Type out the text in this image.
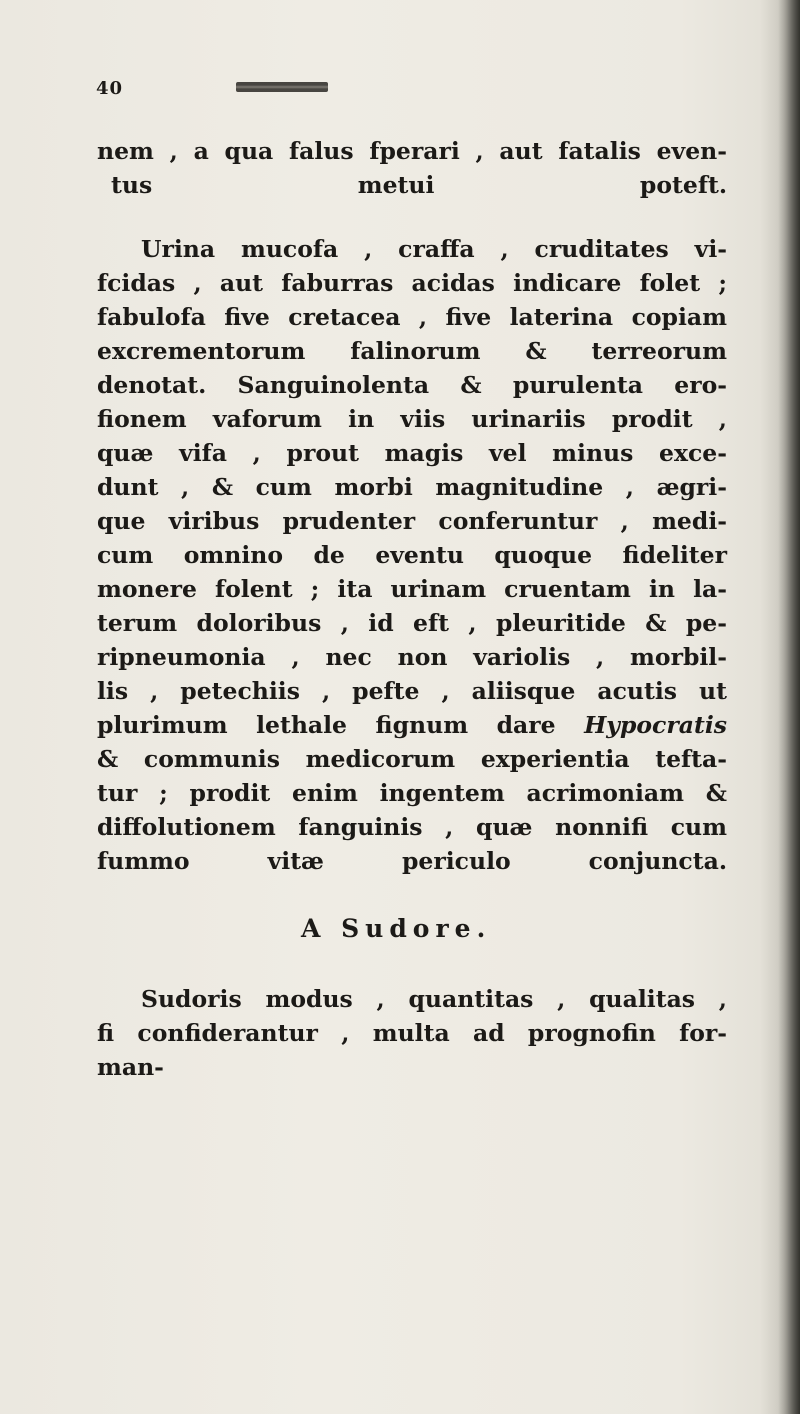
40
nem , a qua falus fperari , aut fatalis even-
tus metui poteft.
Urina mucofa , craffa , cruditates vi-
fcidas , aut faburras acidas indicare folet ;
fabulofa five cretacea , five laterina copiam
excrementorum falinorum & terreorum
denotat. Sanguinolenta & purulenta ero-
fionem vaforum in viis urinariis prodit ,
quæ vifa , prout magis vel minus exce-
dunt , & cum morbi magnitudine , ægri-
que viribus prudenter conferuntur , medi-
cum omnino de eventu quoque fideliter
monere folent ; ita urinam cruentam in la-
terum doloribus , id eft , pleuritide & pe-
ripneumonia , nec non variolis , morbil-
lis , petechiis , pefte , aliisque acutis ut
plurimum lethale fignum dare Hypocratis
& communis medicorum experientia tefta-
tur ; prodit enim ingentem acrimoniam &
diffolutionem fanguinis , quæ nonnifi cum
fummo vitæ periculo conjuncta.
A Sudore.
Sudoris modus , quantitas , qualitas ,
fi confiderantur , multa ad prognofin for-
man-
